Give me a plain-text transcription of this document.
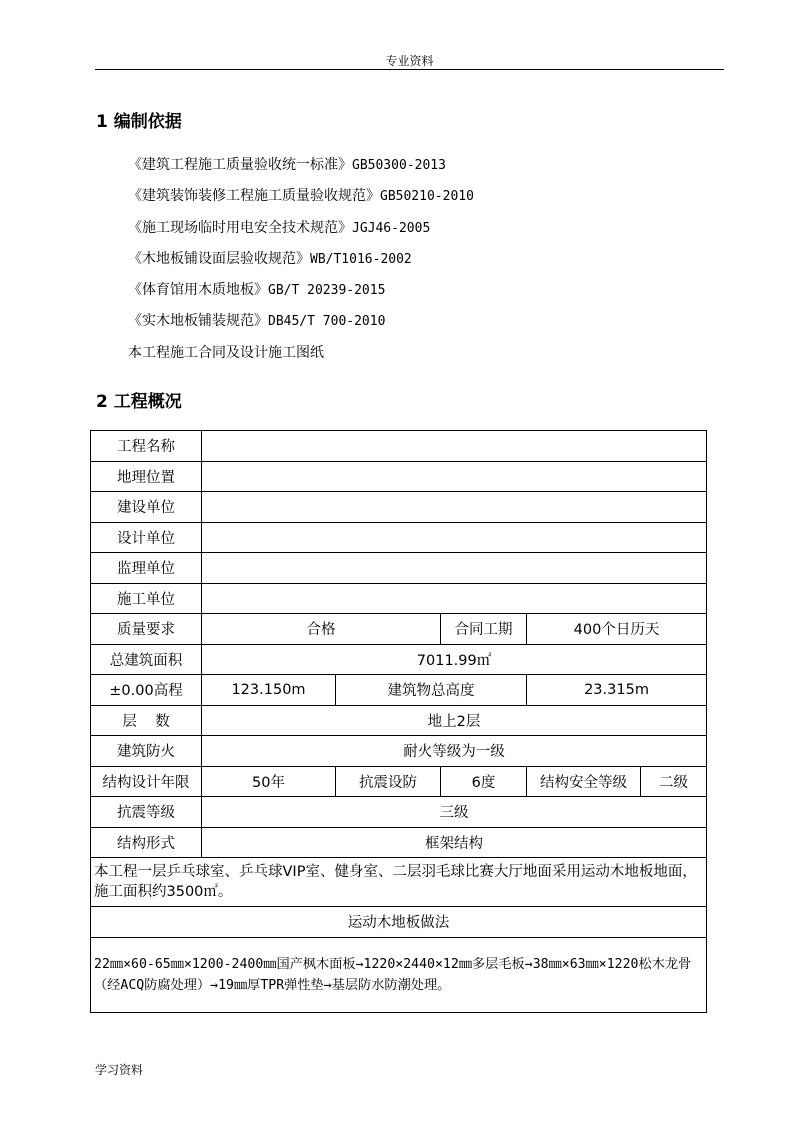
专业资料
1 编制依据
《建筑工程施工质量验收统一标准》GB50300-2013
《建筑装饰装修工程施工质量验收规范》GB50210-2010
《施工现场临时用电安全技术规范》JGJ46-2005
《木地板铺设面层验收规范》WB/T1016-2002
《体育馆用木质地板》GB/T 20239-2015
《实木地板铺装规范》DB45/T 700-2010
本工程施工合同及设计施工图纸
2 工程概况
工程名称					
地理位置					
建设单位					
设计单位					
监理单位					
施工单位					
质量要求	合格		合同工期	400个日历天	
总建筑面积	7011.99㎡				
±0.00高程	123.150m	建筑物总高度		23.315m	
层    数	地上2层				
建筑防火	耐火等级为一级				
结构设计年限	50年	抗震设防	6度	结构安全等级	二级
抗震等级	三级				
结构形式	框架结构				
本工程一层乒乓球室、乒乓球VIP室、健身室、二层羽毛球比赛大厅地面采用运动木地板地面，施工面积约3500㎡。					
运动木地板做法					
22㎜×60-65㎜×1200-2400㎜国产枫木面板→1220×2440×12㎜多层毛板→38㎜×63㎜×1220松木龙骨（经ACQ防腐处理）→19㎜厚TPR弹性垫→基层防水防潮处理。					
学习资料
